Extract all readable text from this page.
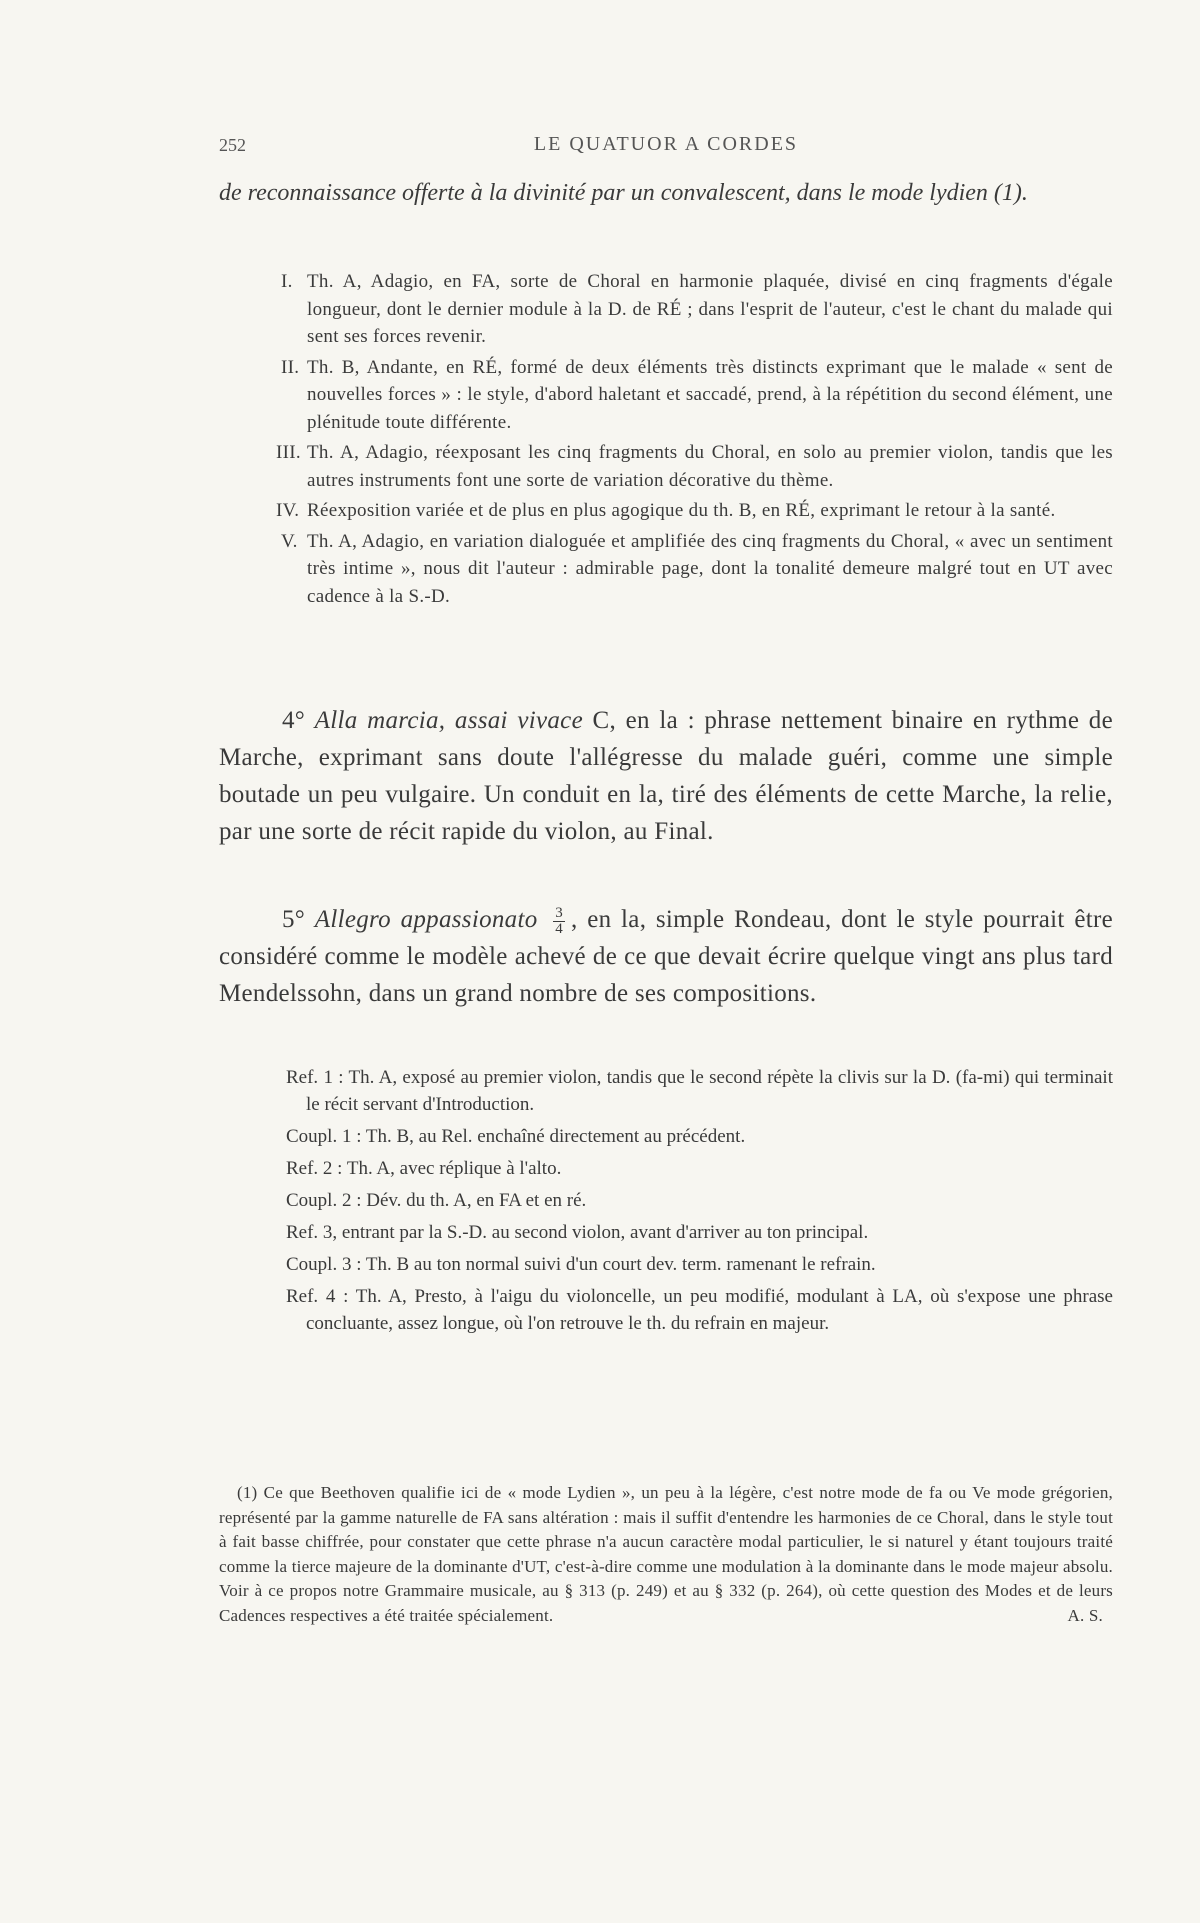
252	LE QUATUOR A CORDES
de reconnaissance offerte à la divinité par un convalescent, dans le mode lydien (1).
I. Th. A, Adagio, en FA, sorte de Choral en harmonie plaquée, divisé en cinq fragments d'égale longueur, dont le dernier module à la D. de RÉ ; dans l'esprit de l'auteur, c'est le chant du malade qui sent ses forces revenir.
II. Th. B, Andante, en RÉ, formé de deux éléments très distincts exprimant que le malade « sent de nouvelles forces » : le style, d'abord haletant et saccadé, prend, à la répétition du second élément, une plénitude toute différente.
III. Th. A, Adagio, réexposant les cinq fragments du Choral, en solo au premier violon, tandis que les autres instruments font une sorte de variation décorative du thème.
IV. Réexposition variée et de plus en plus agogique du th. B, en RÉ, exprimant le retour à la santé.
V. Th. A, Adagio, en variation dialoguée et amplifiée des cinq fragments du Choral, « avec un sentiment très intime », nous dit l'auteur : admirable page, dont la tonalité demeure malgré tout en UT avec cadence à la S.-D.
4° Alla marcia, assai vivace C, en la : phrase nettement binaire en rythme de Marche, exprimant sans doute l'allégresse du malade guéri, comme une simple boutade un peu vulgaire. Un conduit en la, tiré des éléments de cette Marche, la relie, par une sorte de récit rapide du violon, au Final.
5° Allegro appassionato $\frac{3}{4}$ , en la, simple Rondeau, dont le style pourrait être considéré comme le modèle achevé de ce que devait écrire quelque vingt ans plus tard Mendelssohn, dans un grand nombre de ses compositions.
Ref. 1 : Th. A, exposé au premier violon, tandis que le second répète la clivis sur la D. (fa-mi) qui terminait le récit servant d'Introduction.
Coupl. 1 : Th. B, au Rel. enchaîné directement au précédent.
Ref. 2 : Th. A, avec réplique à l'alto.
Coupl. 2 : Dév. du th. A, en FA et en ré.
Ref. 3, entrant par la S.-D. au second violon, avant d'arriver au ton principal.
Coupl. 3 : Th. B au ton normal suivi d'un court dev. term. ramenant le refrain.
Ref. 4 : Th. A, Presto, à l'aigu du violoncelle, un peu modifié, modulant à LA, où s'expose une phrase concluante, assez longue, où l'on retrouve le th. du refrain en majeur.
(1) Ce que Beethoven qualifie ici de « mode Lydien », un peu à la légère, c'est notre mode de fa ou Ve mode grégorien, représenté par la gamme naturelle de FA sans altération : mais il suffit d'entendre les harmonies de ce Choral, dans le style tout à fait basse chiffrée, pour constater que cette phrase n'a aucun caractère modal particulier, le si naturel y étant toujours traité comme la tierce majeure de la dominante d'UT, c'est-à-dire comme une modulation à la dominante dans le mode majeur absolu. Voir à ce propos notre Grammaire musicale, au § 313 (p. 249) et au § 332 (p. 264), où cette question des Modes et de leurs Cadences respectives a été traitée spécialement.	A. S.
